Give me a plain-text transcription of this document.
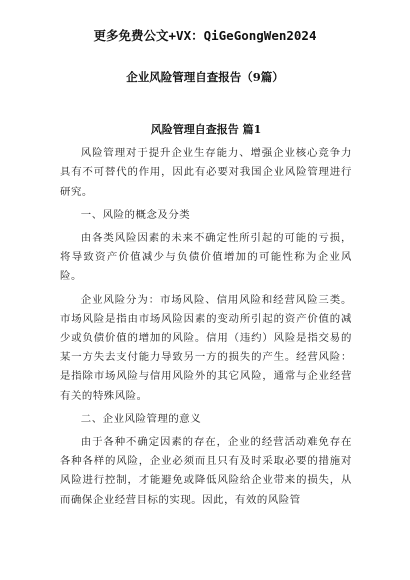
更多免费公文+VX：QiGeGongWen2024
企业风险管理自查报告（9篇）
风险管理自查报告 篇1

风险管理对于提升企业生存能力、增强企业核心竞争力具有不可替代的作用，因此有必要对我国企业风险管理进行研究。

一、风险的概念及分类

由各类风险因素的未来不确定性所引起的可能的亏损，将导致资产价值减少与负债价值增加的可能性称为企业风险。

企业风险分为：市场风险、信用风险和经营风险三类。市场风险是指由市场风险因素的变动所引起的资产价值的减少或负债价值的增加的风险。信用（违约）风险是指交易的某一方失去支付能力导致另一方的损失的产生。经营风险：是指除市场风险与信用风险外的其它风险，通常与企业经营有关的特殊风险。

二、企业风险管理的意义

由于各种不确定因素的存在，企业的经营活动难免存在各种各样的风险，企业必须而且只有及时采取必要的措施对风险进行控制，才能避免或降低风险给企业带来的损失，从而确保企业经营目标的实现。因此，有效的风险管
